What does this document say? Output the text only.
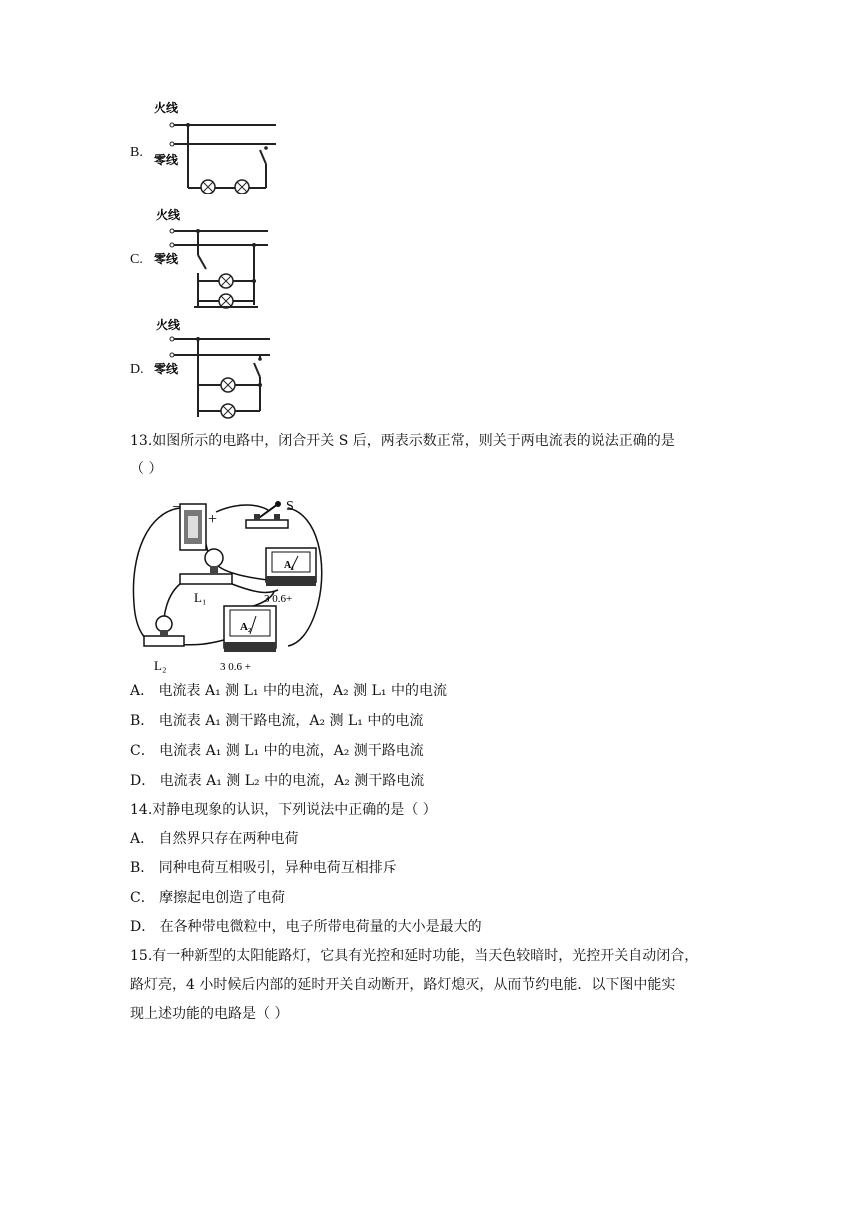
B.
火线
零线
C.
火线
零线
D.
火线
零线
13.如图所示的电路中，闭合开关 S 后，两表示数正常，则关于两电流表的说法正确的是
（ ）
−
+
S
L₁
A₁
3 0.6+
L₂
A₂
3 0.6 +
A． 电流表 A₁ 测 L₁ 中的电流，A₂ 测 L₁ 中的电流
B． 电流表 A₁ 测干路电流，A₂ 测 L₁ 中的电流
C． 电流表 A₁ 测 L₁ 中的电流，A₂ 测干路电流
D． 电流表 A₁ 测 L₂ 中的电流，A₂ 测干路电流
14.对静电现象的认识，下列说法中正确的是（ ）
A． 自然界只存在两种电荷
B． 同种电荷互相吸引，异种电荷互相排斥
C． 摩擦起电创造了电荷
D． 在各种带电微粒中，电子所带电荷量的大小是最大的
15.有一种新型的太阳能路灯，它具有光控和延时功能，当天色较暗时，光控开关自动闭合，
路灯亮，4 小时候后内部的延时开关自动断开，路灯熄灭，从而节约电能．以下图中能实
现上述功能的电路是（ ）
